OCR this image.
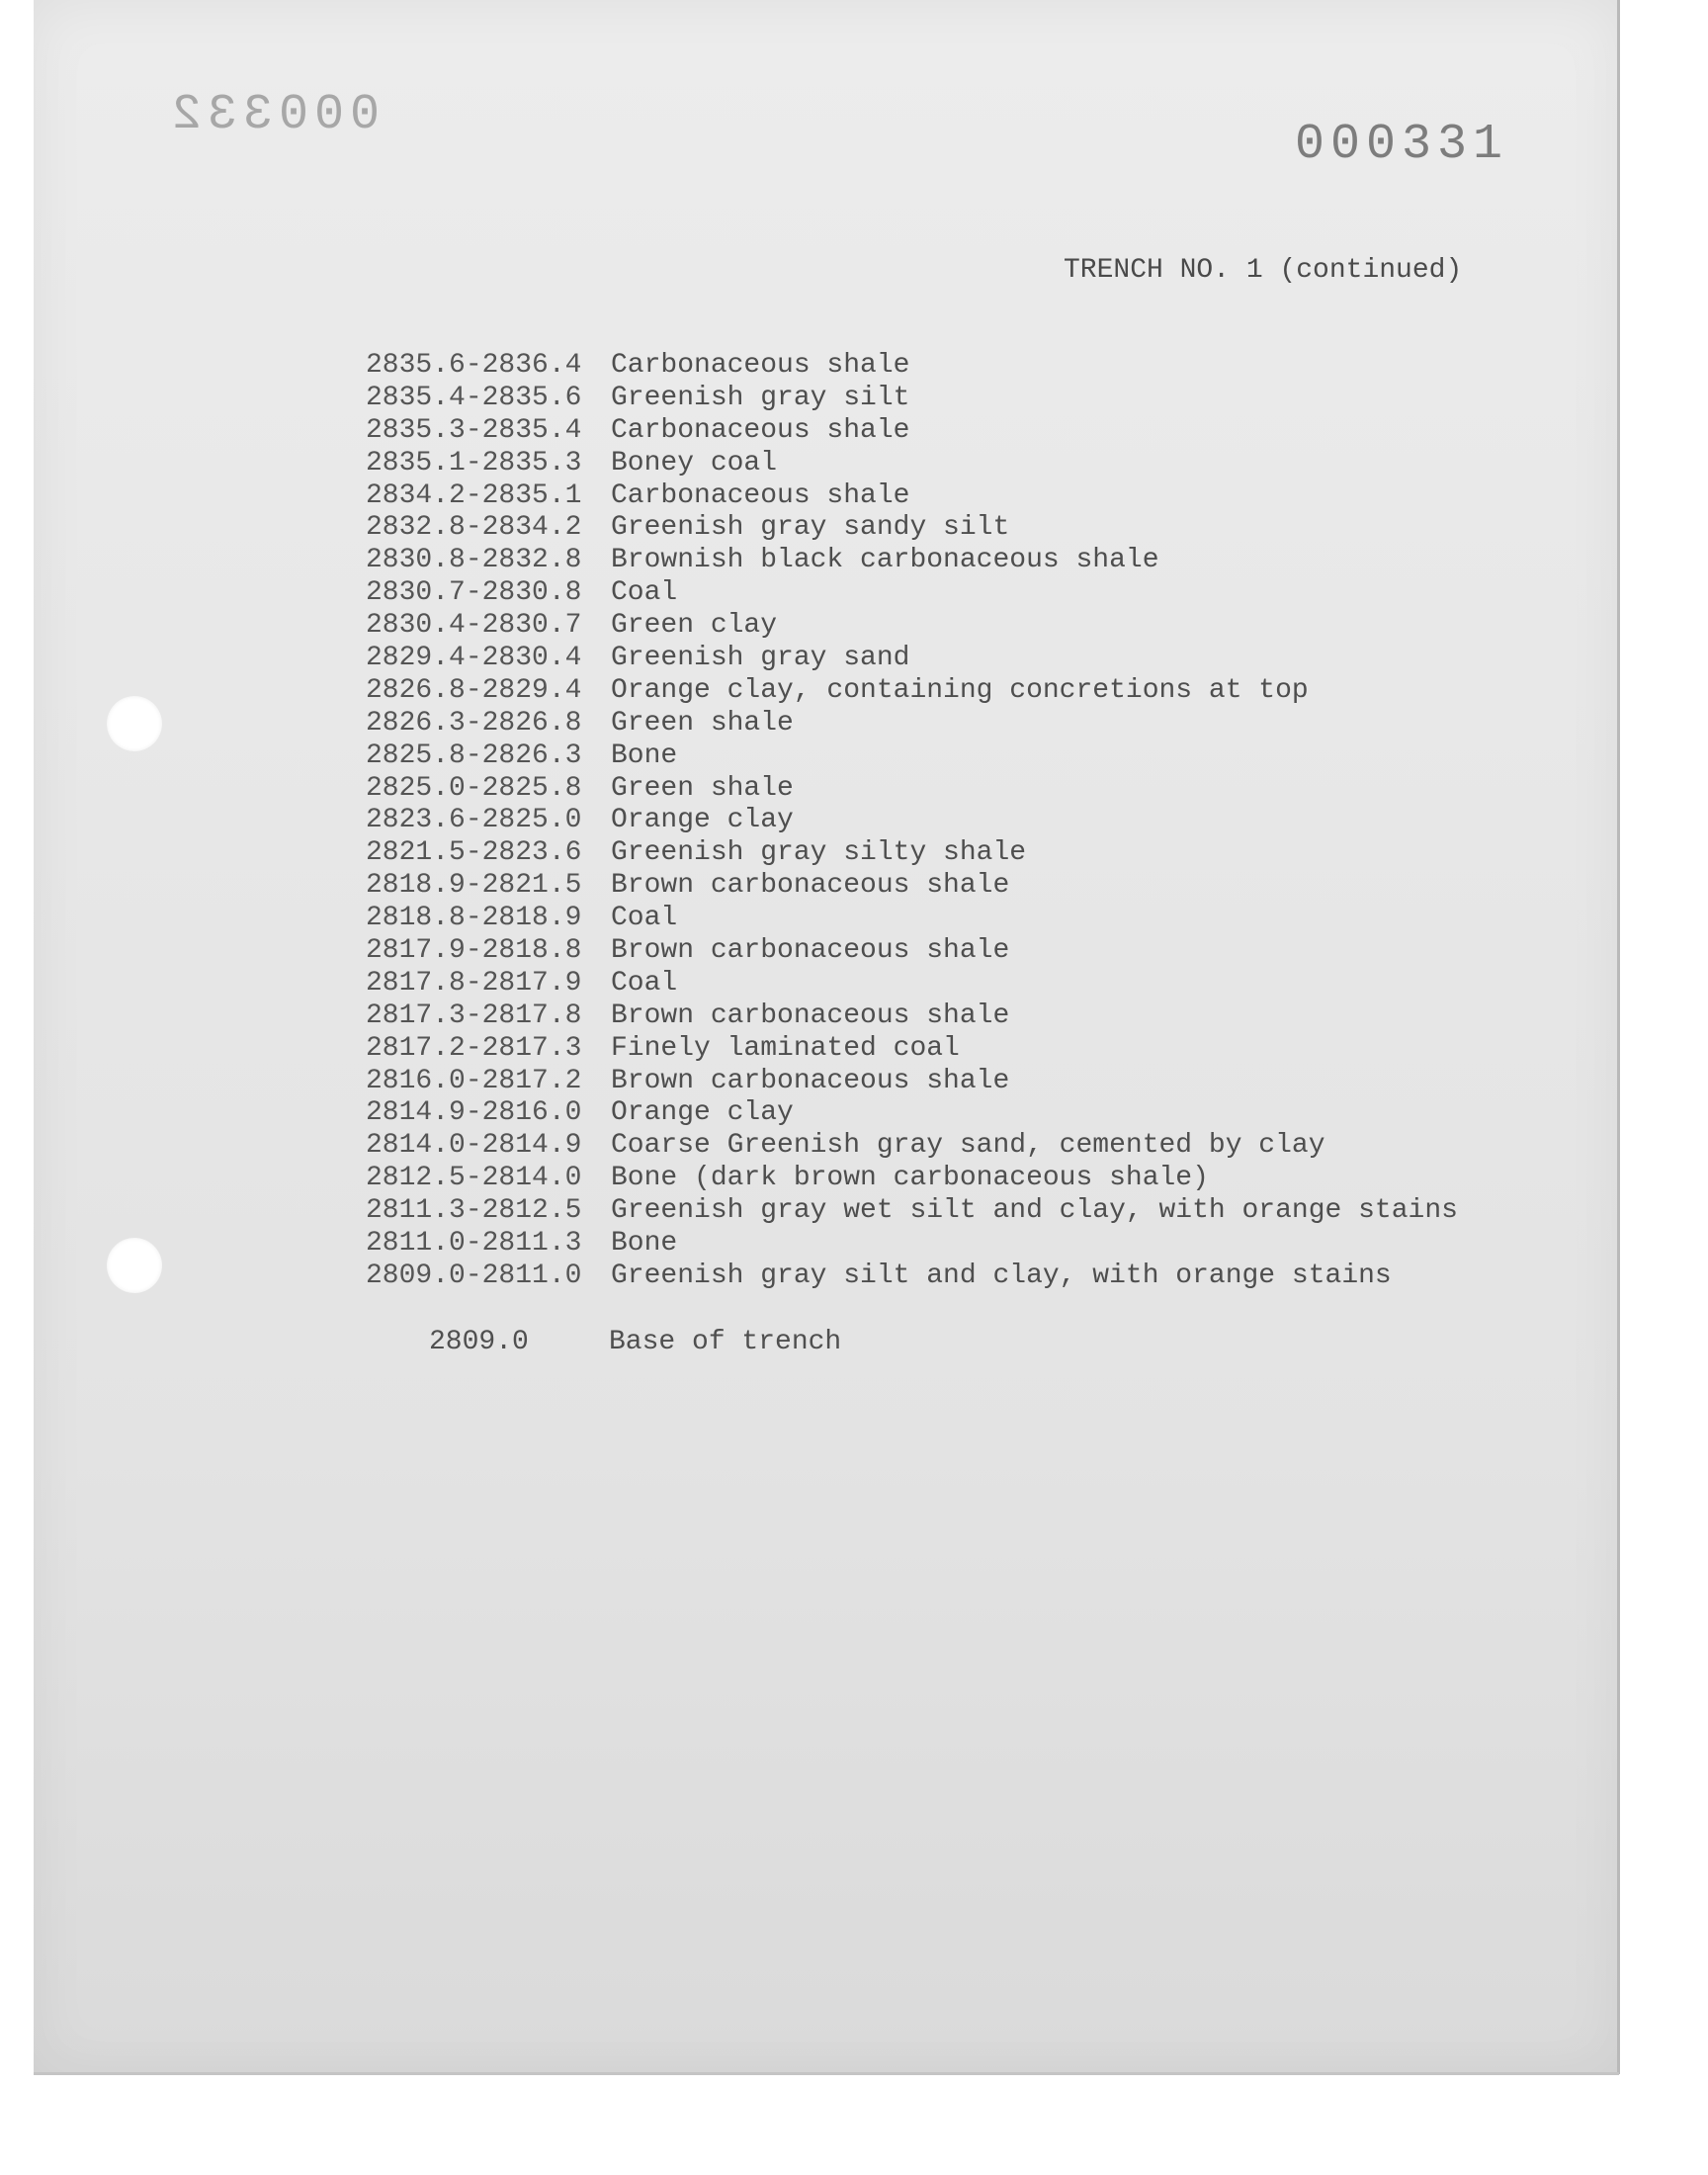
000332
000331
TRENCH NO. 1 (continued)
2835.6-2836.4	Carbonaceous shale
2835.4-2835.6	Greenish gray silt
2835.3-2835.4	Carbonaceous shale
2835.1-2835.3	Boney coal
2834.2-2835.1	Carbonaceous shale
2832.8-2834.2	Greenish gray sandy silt
2830.8-2832.8	Brownish black carbonaceous shale
2830.7-2830.8	Coal
2830.4-2830.7	Green clay
2829.4-2830.4	Greenish gray sand
2826.8-2829.4	Orange clay, containing concretions at top
2826.3-2826.8	Green shale
2825.8-2826.3	Bone
2825.0-2825.8	Green shale
2823.6-2825.0	Orange clay
2821.5-2823.6	Greenish gray silty shale
2818.9-2821.5	Brown carbonaceous shale
2818.8-2818.9	Coal
2817.9-2818.8	Brown carbonaceous shale
2817.8-2817.9	Coal
2817.3-2817.8	Brown carbonaceous shale
2817.2-2817.3	Finely laminated coal
2816.0-2817.2	Brown carbonaceous shale
2814.9-2816.0	Orange clay
2814.0-2814.9	Coarse Greenish gray sand, cemented by clay
2812.5-2814.0	Bone (dark brown carbonaceous shale)
2811.3-2812.5	Greenish gray wet silt and clay, with orange stains
2811.0-2811.3	Bone
2809.0-2811.0	Greenish gray silt and clay, with orange stains
2809.0	Base of trench
